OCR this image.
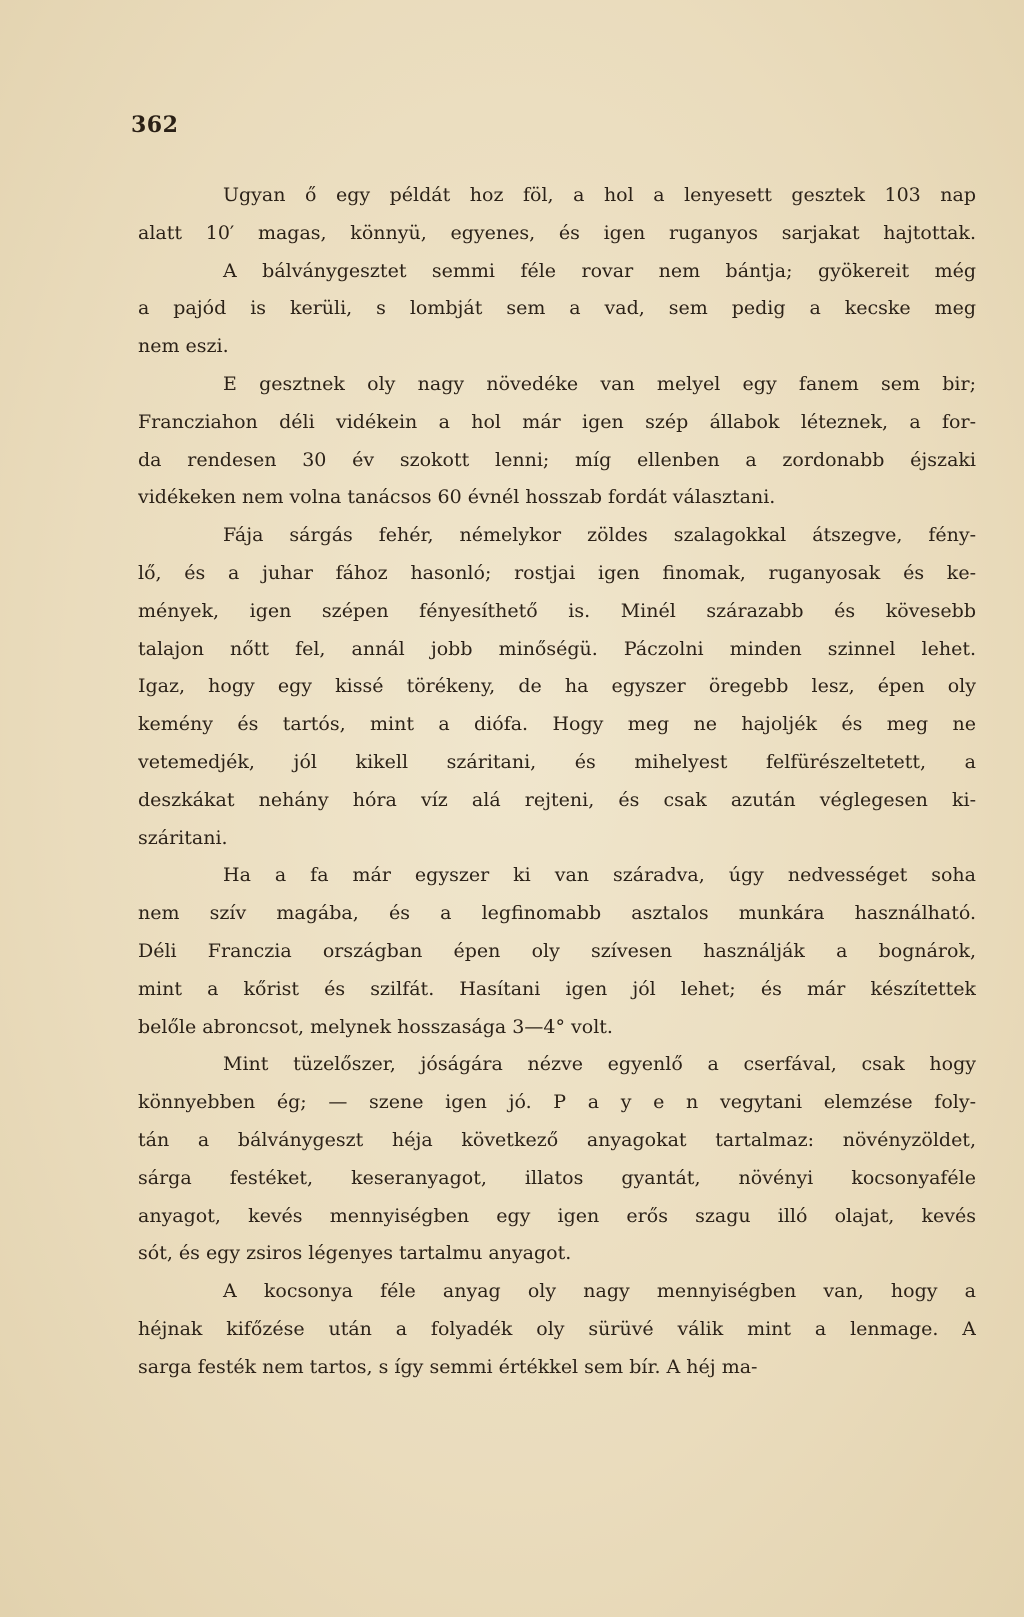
362
Ugyan ő egy példát hoz föl, a hol a lenyesett gesztek 103 nap
alatt 10′ magas, könnyü, egyenes, és igen ruganyos sarjakat hajtottak.
A bálványgesztet semmi féle rovar nem bántja; gyökereit még
a pajód is kerüli, s lombját sem a vad, sem pedig a kecske meg
nem eszi.
E gesztnek oly nagy növedéke van melyel egy fanem sem bir;
Francziahon déli vidékein a hol már igen szép állabok léteznek, a for-
da rendesen 30 év szokott lenni; míg ellenben a zordonabb éjszaki
vidékeken nem volna tanácsos 60 évnél hosszab fordát választani.
Fája sárgás fehér, némelykor zöldes szalagokkal átszegve, fény-
lő, és a juhar fához hasonló; rostjai igen finomak, ruganyosak és ke-
mények, igen szépen fényesíthető is. Minél szárazabb és kövesebb
talajon nőtt fel, annál jobb minőségü. Páczolni minden szinnel lehet.
Igaz, hogy egy kissé törékeny, de ha egyszer öregebb lesz, épen oly
kemény és tartós, mint a diófa. Hogy meg ne hajoljék és meg ne
vetemedjék, jól kikell száritani, és mihelyest felfürészeltetett, a
deszkákat nehány hóra víz alá rejteni, és csak azután véglegesen ki-
száritani.
Ha a fa már egyszer ki van száradva, úgy nedvességet soha
nem szív magába, és a legfinomabb asztalos munkára használható.
Déli Franczia országban épen oly szívesen használják a bognárok,
mint a kőrist és szilfát. Hasítani igen jól lehet; és már készítettek
belőle abroncsot, melynek hosszasága 3—4° volt.
Mint tüzelőszer, jóságára nézve egyenlő a cserfával, csak hogy
könnyebben ég; — szene igen jó. P a y e n vegytani elemzése foly-
tán a bálványgeszt héja következő anyagokat tartalmaz: növényzöldet,
sárga festéket, keseranyagot, illatos gyantát, növényi kocsonyaféle
anyagot, kevés mennyiségben egy igen erős szagu illó olajat, kevés
sót, és egy zsiros légenyes tartalmu anyagot.
A kocsonya féle anyag oly nagy mennyiségben van, hogy a
héjnak kifőzése után a folyadék oly sürüvé válik mint a lenmage. A
sarga festék nem tartos, s így semmi értékkel sem bír. A héj ma-
